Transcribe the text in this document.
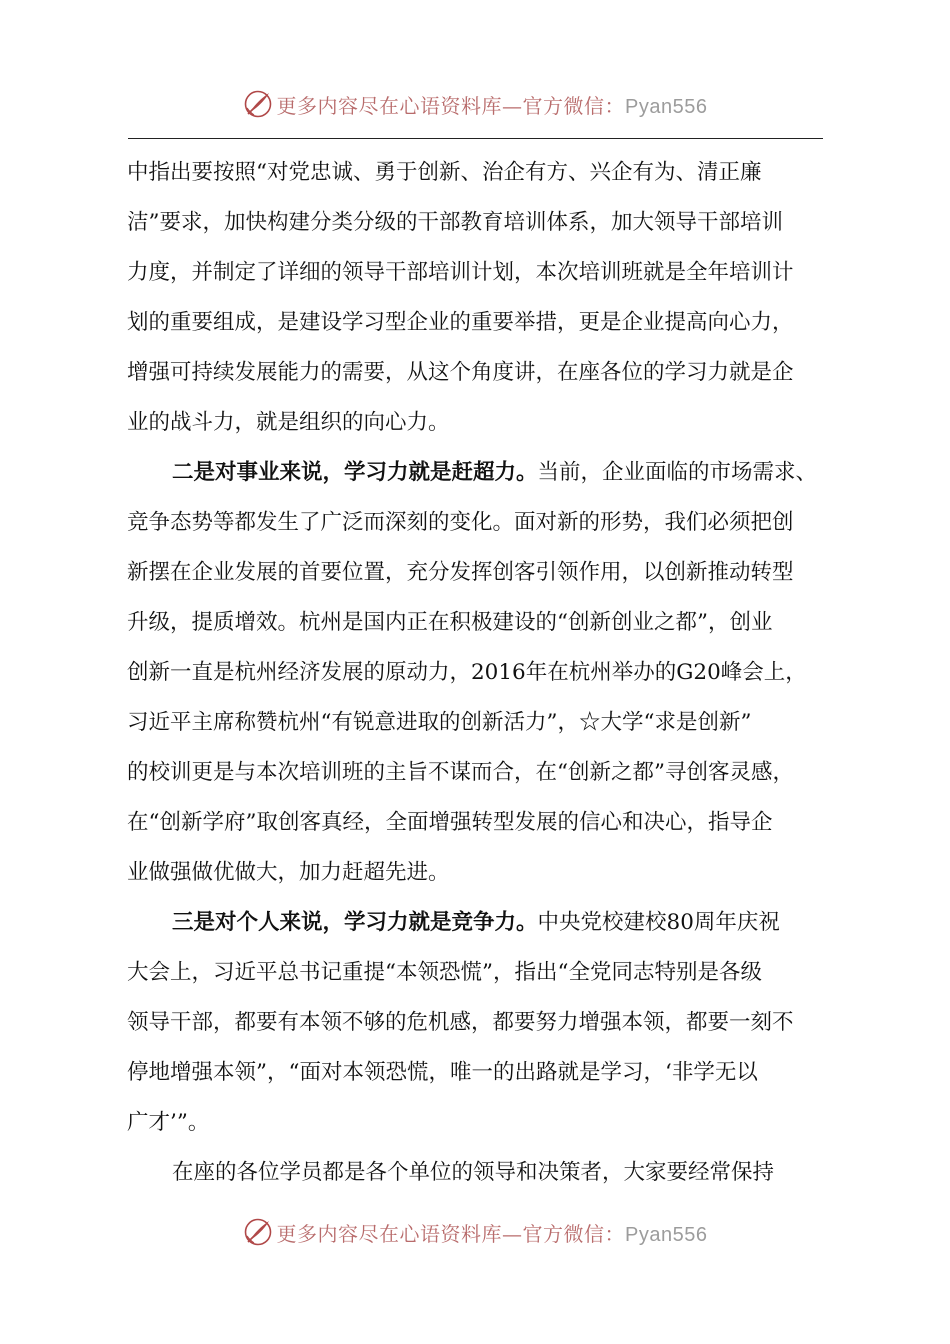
更多内容尽在心语资料库—官方微信：Pyan556
中指出要按照“对党忠诚、勇于创新、治企有方、兴企有为、清正廉
洁”要求，加快构建分类分级的干部教育培训体系，加大领导干部培训
力度，并制定了详细的领导干部培训计划，本次培训班就是全年培训计
划的重要组成，是建设学习型企业的重要举措，更是企业提高向心力，
增强可持续发展能力的需要，从这个角度讲，在座各位的学习力就是企
业的战斗力，就是组织的向心力。
二是对事业来说，学习力就是赶超力。当前，企业面临的市场需求、
竞争态势等都发生了广泛而深刻的变化。面对新的形势，我们必须把创
新摆在企业发展的首要位置，充分发挥创客引领作用，以创新推动转型
升级，提质增效。杭州是国内正在积极建设的“创新创业之都”，创业
创新一直是杭州经济发展的原动力，2016年在杭州举办的G20峰会上，
习近平主席称赞杭州“有锐意进取的创新活力”，☆大学“求是创新”
的校训更是与本次培训班的主旨不谋而合，在“创新之都”寻创客灵感，
在“创新学府”取创客真经，全面增强转型发展的信心和决心，指导企
业做强做优做大，加力赶超先进。
三是对个人来说，学习力就是竞争力。中央党校建校80周年庆祝
大会上，习近平总书记重提“本领恐慌”，指出“全党同志特别是各级
领导干部，都要有本领不够的危机感，都要努力增强本领，都要一刻不
停地增强本领”，“面对本领恐慌，唯一的出路就是学习，‘非学无以
广才’”。
在座的各位学员都是各个单位的领导和决策者，大家要经常保持
更多内容尽在心语资料库—官方微信：Pyan556
